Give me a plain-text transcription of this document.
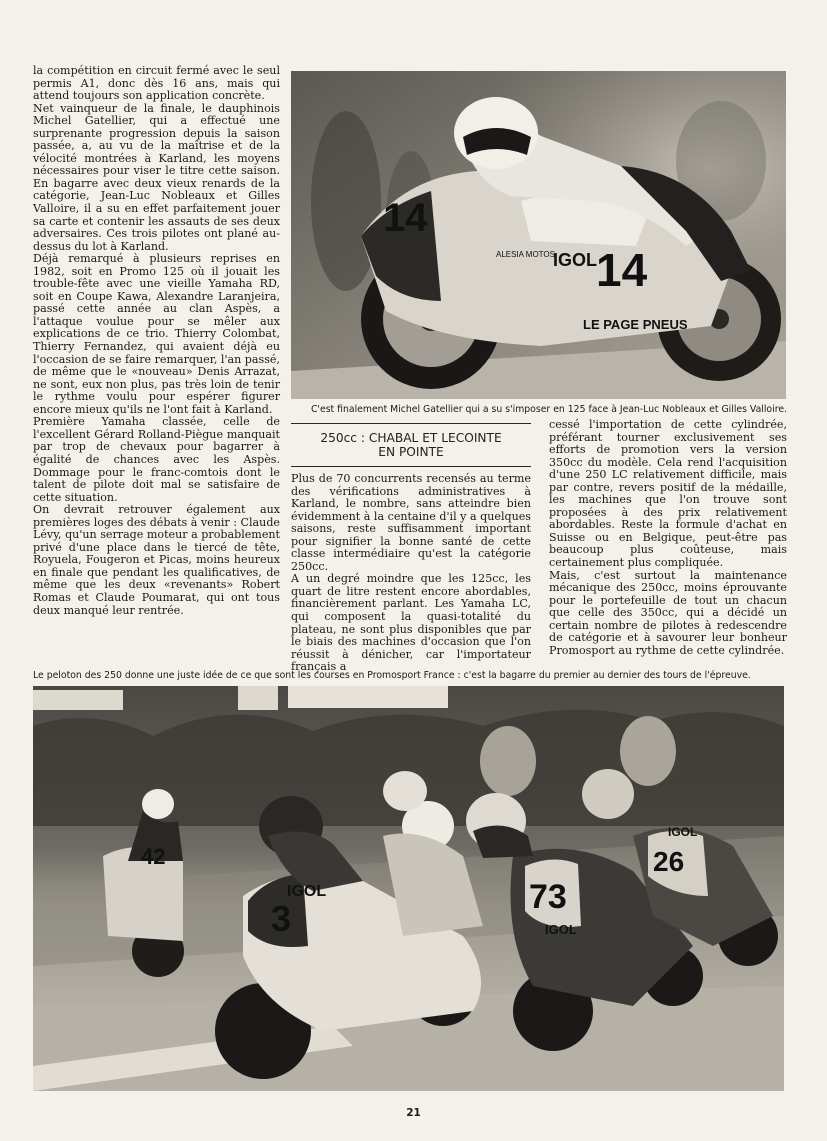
la compétition en circuit fermé avec le seul permis A1, donc dès 16 ans, mais qui attend toujours son application concrète.

Net vainqueur de la finale, le dauphinois Michel Gatellier, qui a effectué une surprenante progression depuis la saison passée, a, au vu de la maîtrise et de la vélocité montrées à Karland, les moyens nécessaires pour viser le titre cette saison. En bagarre avec deux vieux renards de la catégorie, Jean-Luc Nobleaux et Gilles Valloire, il a su en effet parfaitement jouer sa carte et contenir les assauts de ses deux adversaires. Ces trois pilotes ont plané au-dessus du lot à Karland.

Déjà remarqué à plusieurs reprises en 1982, soit en Promo 125 où il jouait les trouble-fête avec une vieille Yamaha RD, soit en Coupe Kawa, Alexandre Laranjeira, passé cette année au clan Aspès, a l'attaque voulue pour se mêler aux explications de ce trio. Thierry Colombat, Thierry Fernandez, qui avaient déjà eu l'occasion de se faire remarquer, l'an passé, de même que le «nouveau» Denis Arrazat, ne sont, eux non plus, pas très loin de tenir le rythme voulu pour espérer figurer encore mieux qu'ils ne l'ont fait à Karland.

Première Yamaha classée, celle de l'excellent Gérard Rolland-Piègue manquait par trop de chevaux pour bagarrer à égalité de chances avec les Aspès. Dommage pour le franc-comtois dont le talent de pilote doit mal se satisfaire de cette situation.

On devrait retrouver également aux premières loges des débats à venir : Claude Lévy, qu'un serrage moteur a probablement privé d'une place dans le tiercé de tête, Royuela, Fougeron et Picas, moins heureux en finale que pendant les qualificatives, de même que les deux «revenants» Robert Romas et Claude Poumarat, qui ont tous deux manqué leur rentrée.

14
14
IGOL
ALESIA MOTOS
LE PAGE PNEUS
C'est finalement Michel Gatellier qui a su s'imposer en 125 face à Jean-Luc Nobleaux et Gilles Valloire.
250cc : CHABAL ET LECOINTE
EN POINTE

Plus de 70 concurrents recensés au terme des vérifications administratives à Karland, le nombre, sans atteindre bien évidemment à la centaine d'il y a quelques saisons, reste suffisamment important pour signifier la bonne santé de cette classe intermédiaire qu'est la catégorie 250cc.

A un degré moindre que les 125cc, les quart de litre restent encore abordables, financièrement parlant. Les Yamaha LC, qui composent la quasi-totalité du plateau, ne sont plus disponibles que par le biais des machines d'occasion que l'on réussit à dénicher, car l'importateur français a

cessé l'importation de cette cylindrée, préférant tourner exclusivement ses efforts de promotion vers la version 350cc du modèle. Cela rend l'acquisition d'une 250 LC relativement difficile, mais par contre, revers positif de la médaille, les machines que l'on trouve sont proposées à des prix relativement abordables. Reste la formule d'achat en Suisse ou en Belgique, peut-être pas beaucoup plus coûteuse, mais certainement plus compliquée.

Mais, c'est surtout la maintenance mécanique des 250cc, moins éprouvante pour le portefeuille de tout un chacun que celle des 350cc, qui a décidé un certain nombre de pilotes à redescendre de catégorie et à savourer leur bonheur Promosport au rythme de cette cylindrée.

Le peloton des 250 donne une juste idée de ce que sont les courses en Promosport France : c'est la bagarre du premier au dernier des tours de l'épreuve.
42
3
IGOL	73
IGOL
26
IGOL
21
